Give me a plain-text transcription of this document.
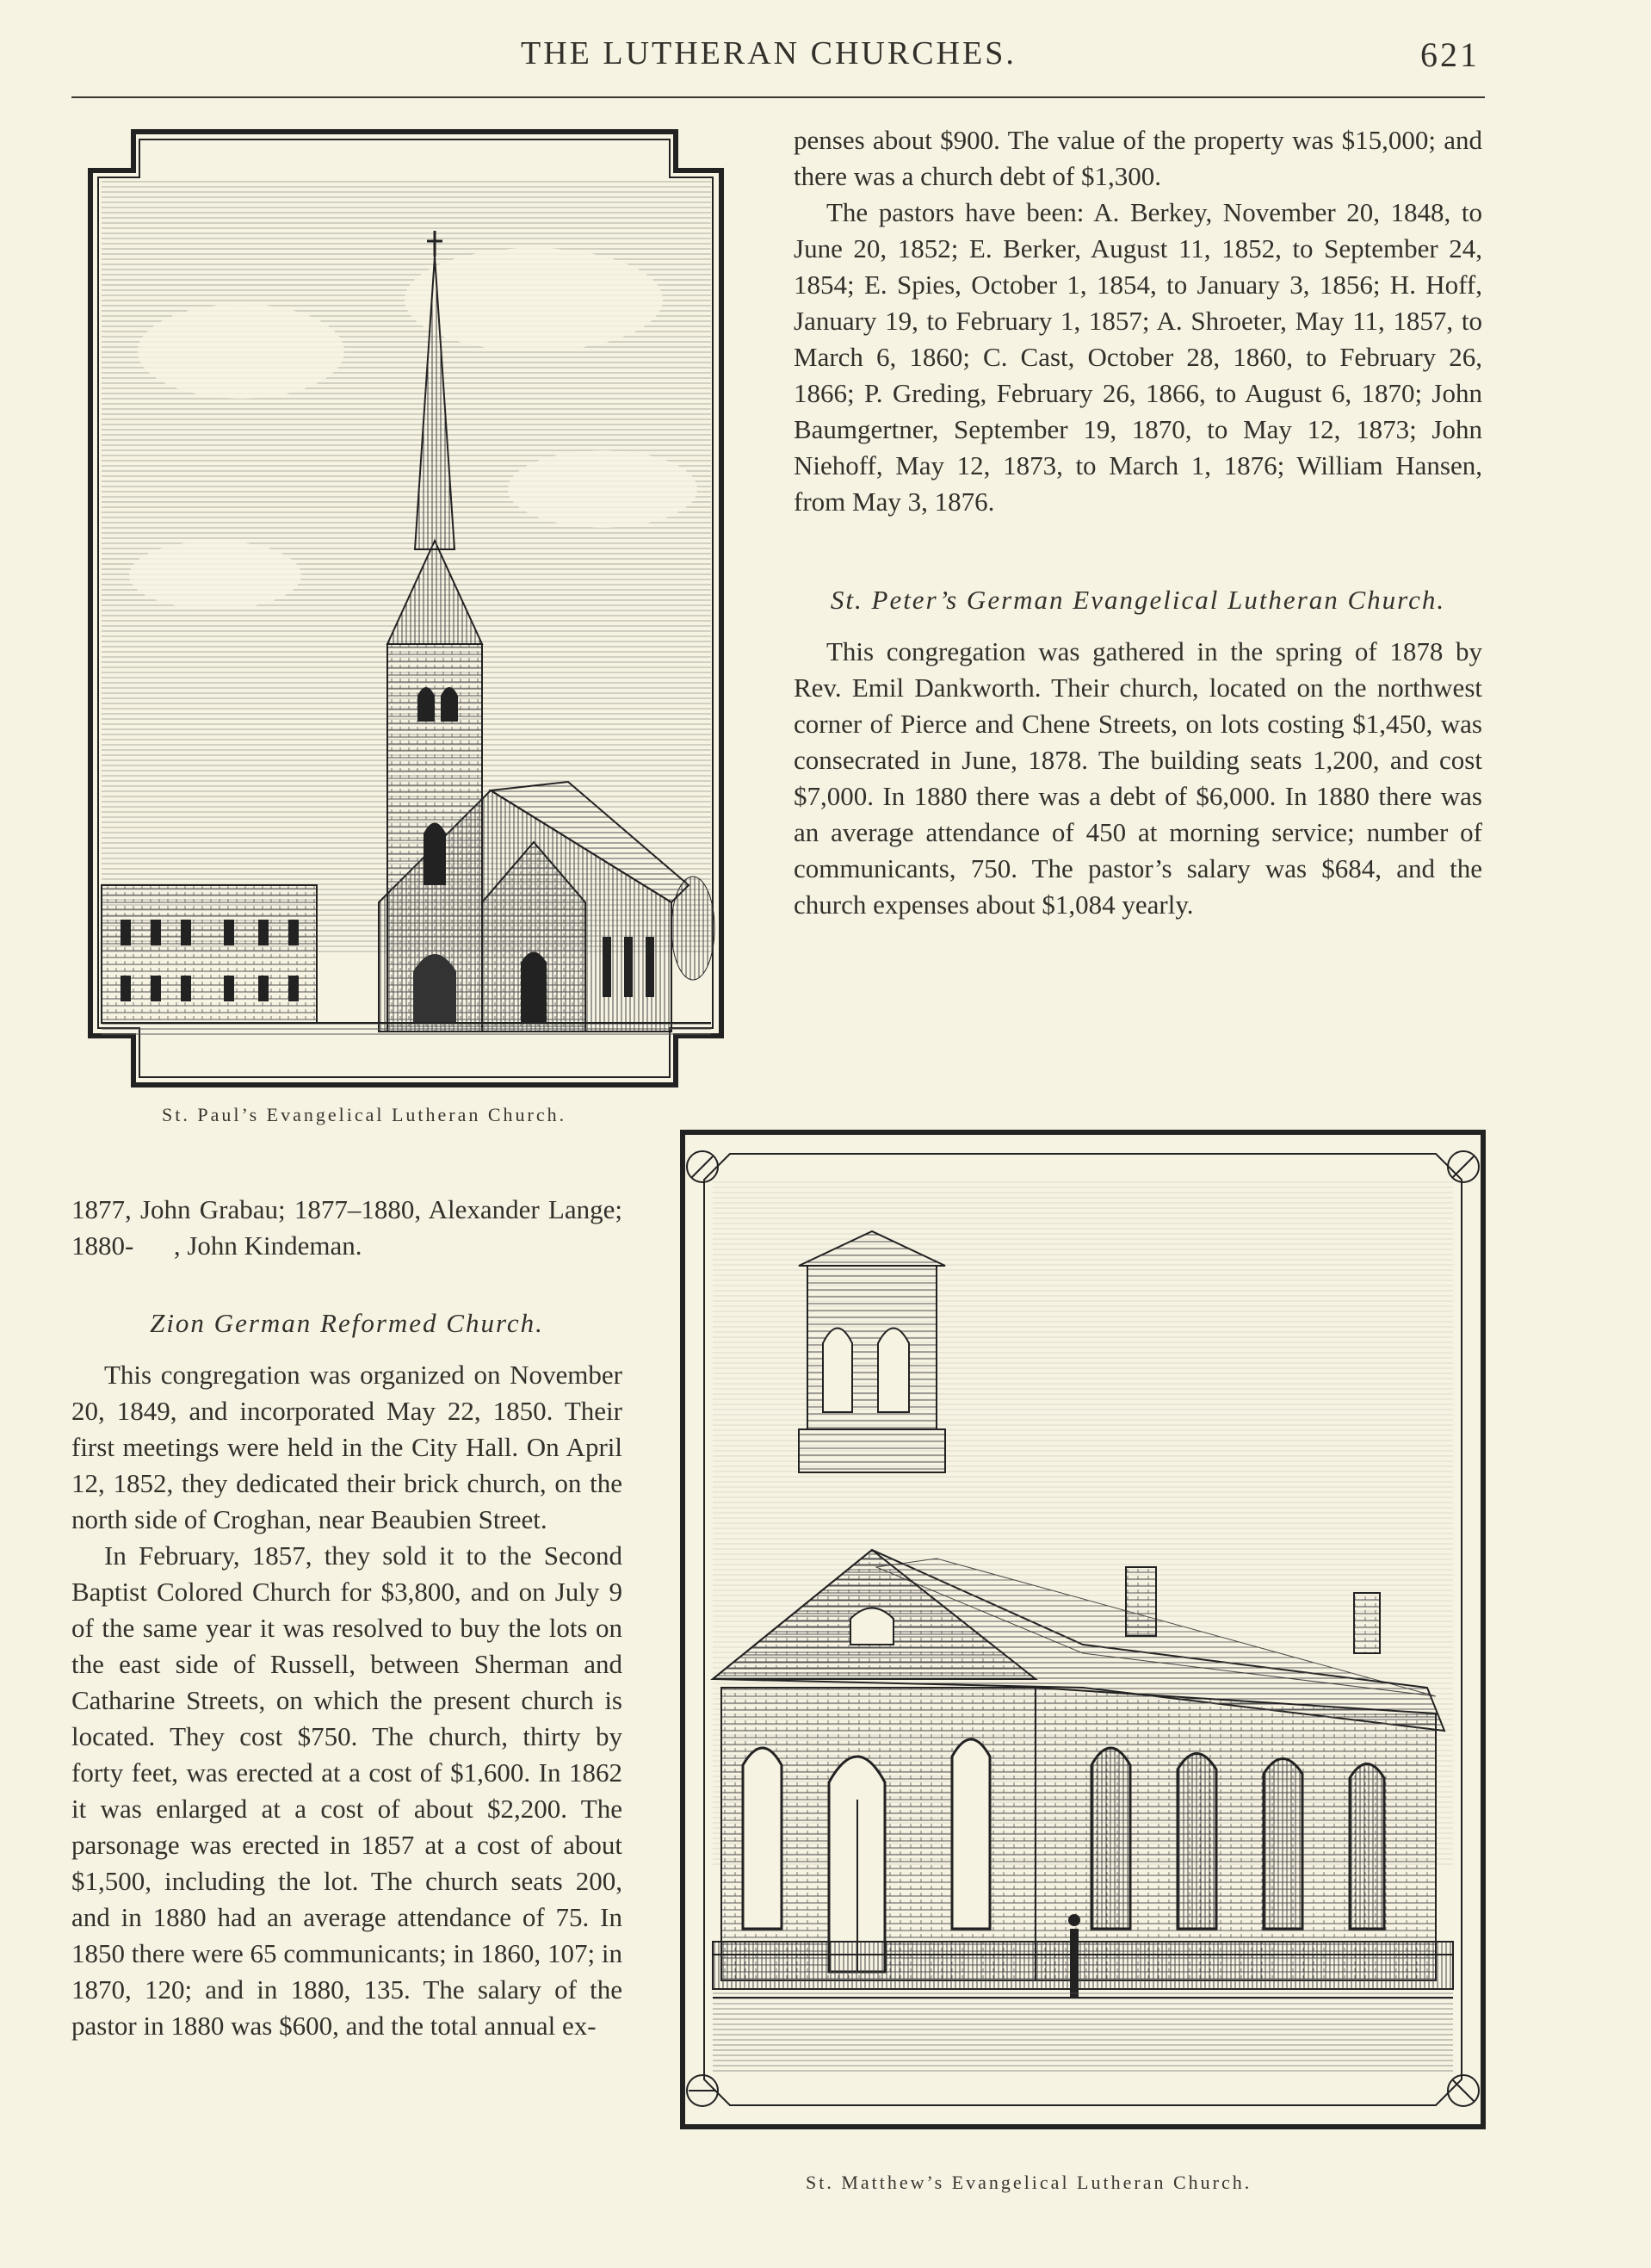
THE LUTHERAN CHURCHES.	621
St. Paul’s Evangelical Lutheran Church.

penses about $900. The value of the property was $15,000; and there was a church debt of $1,300.

The pastors have been: A. Berkey, November 20, 1848, to June 20, 1852; E. Berker, August 11, 1852, to September 24, 1854; E. Spies, October 1, 1854, to January 3, 1856; H. Hoff, January 19, to February 1, 1857; A. Shroeter, May 11, 1857, to March 6, 1860; C. Cast, October 28, 1860, to February 26, 1866; P. Greding, February 26, 1866, to August 6, 1870; John Baumgertner, September 19, 1870, to May 12, 1873; John Niehoff, May 12, 1873, to March 1, 1876; William Hansen, from May 3, 1876.

St. Peter’s German Evangelical Lutheran Church.

This congregation was gathered in the spring of 1878 by Rev. Emil Dankworth. Their church, located on the northwest corner of Pierce and Chene Streets, on lots costing $1,450, was consecrated in June, 1878. The building seats 1,200, and cost $7,000. In 1880 there was a debt of $6,000. In 1880 there was an average attendance of 450 at morning service; number of communicants, 750. The pastor’s salary was $684, and the church expenses about $1,084 yearly.

1877, John Grabau; 1877–1880, Alexander Lange; 1880-      , John Kindeman.

Zion German Reformed Church.

This congregation was organized on November 20, 1849, and incorporated May 22, 1850. Their first meetings were held in the City Hall. On April 12, 1852, they dedicated their brick church, on the north side of Croghan, near Beaubien Street.

In February, 1857, they sold it to the Second Baptist Colored Church for $3,800, and on July 9 of the same year it was resolved to buy the lots on the east side of Russell, between Sherman and Catharine Streets, on which the present church is located. They cost $750. The church, thirty by forty feet, was erected at a cost of $1,600. In 1862 it was enlarged at a cost of about $2,200. The parsonage was erected in 1857 at a cost of about $1,500, including the lot. The church seats 200, and in 1880 had an average attendance of 75. In 1850 there were 65 communicants; in 1860, 107; in 1870, 120; and in 1880, 135. The salary of the pastor in 1880 was $600, and the total annual ex-

St. Matthew’s Evangelical Lutheran Church.
